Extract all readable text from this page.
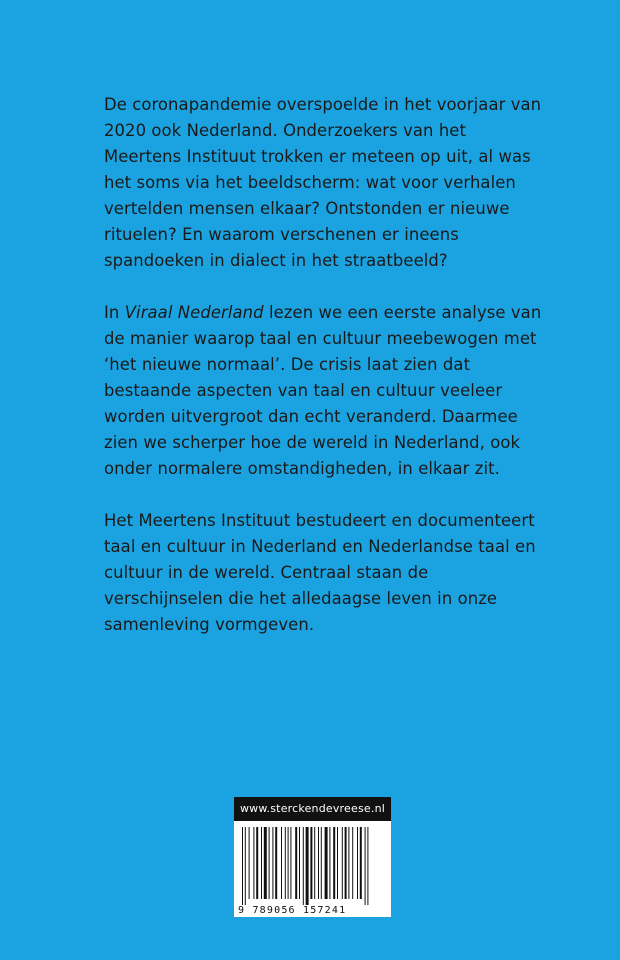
De coronapandemie overspoelde in het voorjaar van 2020 ook Nederland. Onderzoekers van het Meertens Instituut trokken er meteen op uit, al was het soms via het beeldscherm: wat voor verhalen vertelden mensen elkaar? Ontstonden er nieuwe rituelen? En waarom verschenen er ineens spandoeken in dialect in het straatbeeld?

In Viraal Nederland lezen we een eerste analyse van de manier waarop taal en cultuur meebewogen met ‘het nieuwe normaal’. De crisis laat zien dat bestaande aspecten van taal en cultuur veeleer worden uitvergroot dan echt veranderd. Daarmee zien we scherper hoe de wereld in Nederland, ook onder normalere omstandigheden, in elkaar zit.

Het Meertens Instituut bestudeert en documenteert taal en cultuur in Nederland en Nederlandse taal en cultuur in de wereld. Centraal staan de verschijnselen die het alledaagse leven in onze samenleving vormgeven.

www.sterckendevreese.nl
9 789056 157241
